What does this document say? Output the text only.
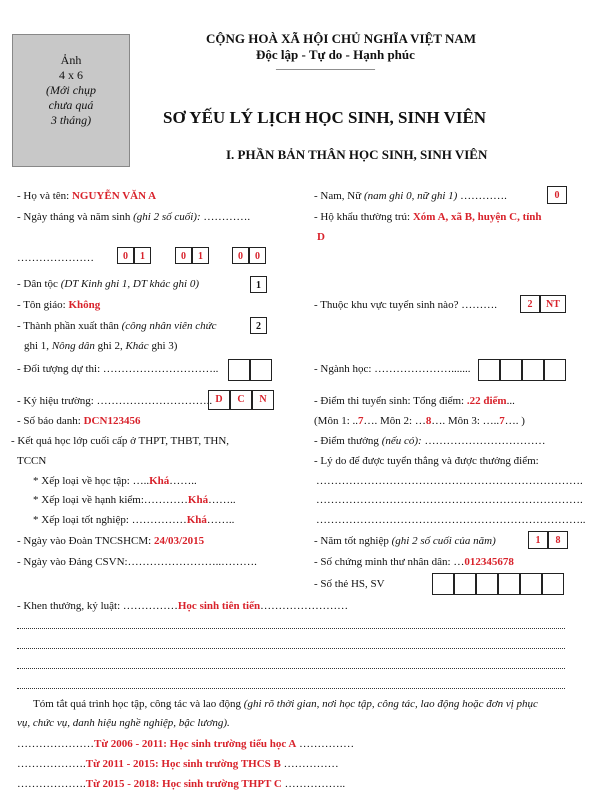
Ảnh
4 x 6
(Mới chụp
chưa quá
3 tháng)
CỘNG HOÀ XÃ HỘI CHỦ NGHĨA VIỆT NAM
Độc lập - Tự do - Hạnh phúc
———————————
SƠ YẾU LÝ LỊCH HỌC SINH, SINH VIÊN
I. PHẦN BẢN THÂN HỌC SINH, SINH VIÊN
- Họ và tên: NGUYỄN VĂN A
- Ngày tháng và năm sinh (ghi 2 số cuối): ………….
…………………	0	1	0	1	0	0
- Dân tộc (DT Kinh ghi 1, DT khác ghi 0)	1
- Tôn giáo: Không
- Thành phần xuất thân (công nhân viên chức
ghi 1, Nông dân ghi 2, Khác ghi 3)
2
- Đối tượng dự thi: …………………………..
- Ký hiệu trường: ………………………….. D	C	N
- Số báo danh: DCN123456
- Kết quả học lớp cuối cấp ở THPT, THBT, THN,
TCCN
* Xếp loại về học tập: …..Khá……..
* Xếp loại về hạnh kiểm:…………Khá……..
* Xếp loại tốt nghiệp: ……………Khá……..
- Ngày vào Đoàn TNCSHCM: 24/03/2015
- Ngày vào Đảng CSVN:……………………..……….
- Nam, Nữ (nam ghi 0, nữ ghi 1) ………….	0
- Hộ khẩu thường trú: Xóm A, xã B, huyện C, tỉnh
D
- Thuộc khu vực tuyển sinh nào? ……….	2	NT
- Ngành học: ………………….......
- Điểm thi tuyển sinh: Tổng điểm: .22 điểm...
(Môn 1: ..7…. Môn 2: …8…. Môn 3: …..7…. )
- Điểm thưởng (nếu có): ……………………………
- Lý do để được tuyển thẳng và được thưởng điểm:
……………………………………………………………….
……………………………………………………………….
………………………………………………………………..
- Năm tốt nghiệp (ghi 2 số cuối của năm)	1	8
- Số chứng minh thư nhân dân: …012345678
- Số thẻ HS, SV
- Khen thưởng, kỷ luật: ……………Học sinh tiên tiến……………………
Tóm tắt quá trình học tập, công tác và lao động (ghi rõ thời gian, nơi học tập, công tác, lao động hoặc đơn vị phục
vụ, chức vụ, danh hiệu nghề nghiệp, bậc lương).
…………………Từ 2006 - 2011: Học sinh trường tiểu học A ……………
……………….Từ 2011 - 2015: Học sinh trường THCS B ……………
……………….Từ 2015 - 2018: Học sinh trường THPT C ……………..
